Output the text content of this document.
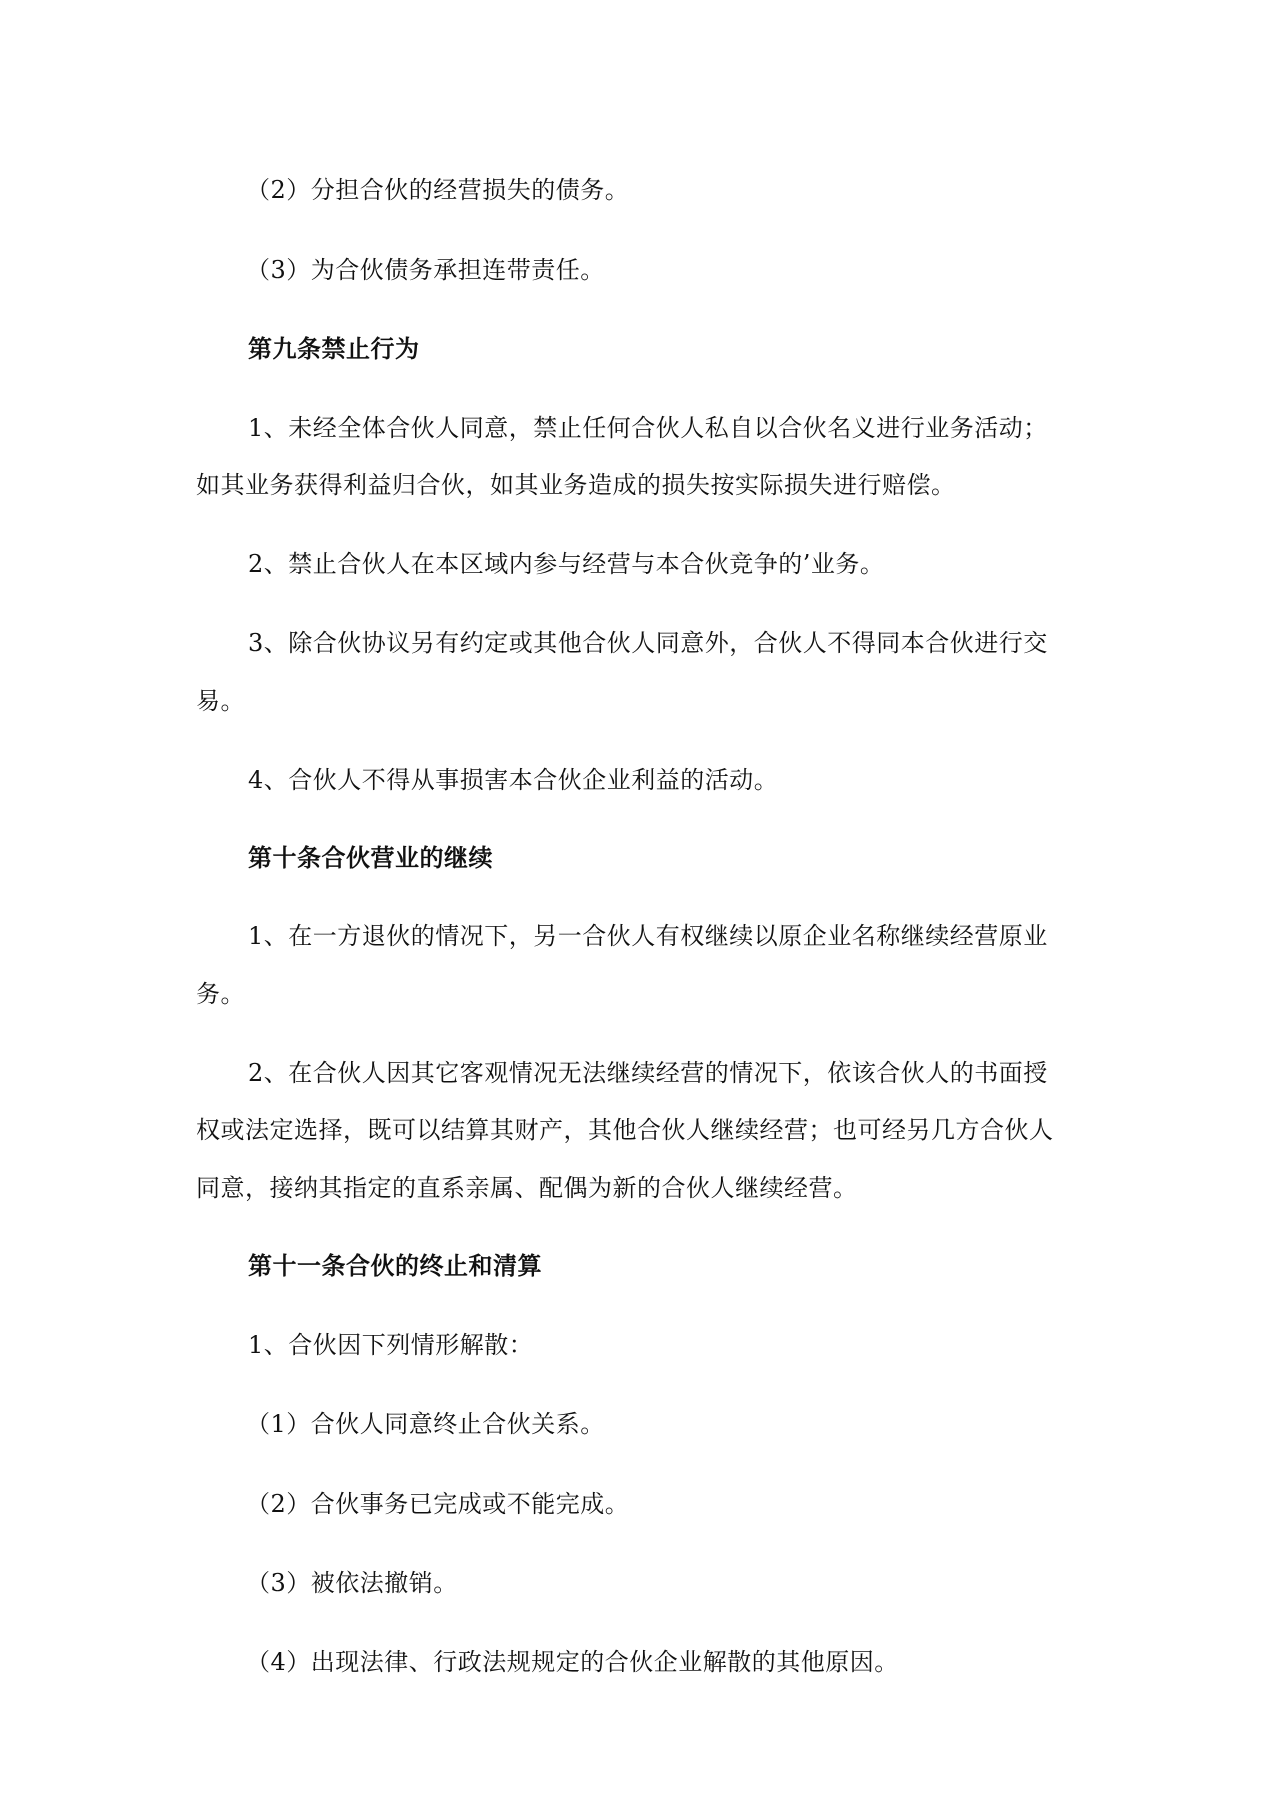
（2）分担合伙的经营损失的债务。
（3）为合伙债务承担连带责任。
第九条禁止行为
1、未经全体合伙人同意，禁止任何合伙人私自以合伙名义进行业务活动；
如其业务获得利益归合伙，如其业务造成的损失按实际损失进行赔偿。
2、禁止合伙人在本区域内参与经营与本合伙竞争的’业务。
3、除合伙协议另有约定或其他合伙人同意外，合伙人不得同本合伙进行交
易。
4、合伙人不得从事损害本合伙企业利益的活动。
第十条合伙营业的继续
1、在一方退伙的情况下，另一合伙人有权继续以原企业名称继续经营原业
务。
2、在合伙人因其它客观情况无法继续经营的情况下，依该合伙人的书面授
权或法定选择，既可以结算其财产，其他合伙人继续经营；也可经另几方合伙人
同意，接纳其指定的直系亲属、配偶为新的合伙人继续经营。
第十一条合伙的终止和清算
1、合伙因下列情形解散：
（1）合伙人同意终止合伙关系。
（2）合伙事务已完成或不能完成。
（3）被依法撤销。
（4）出现法律、行政法规规定的合伙企业解散的其他原因。
